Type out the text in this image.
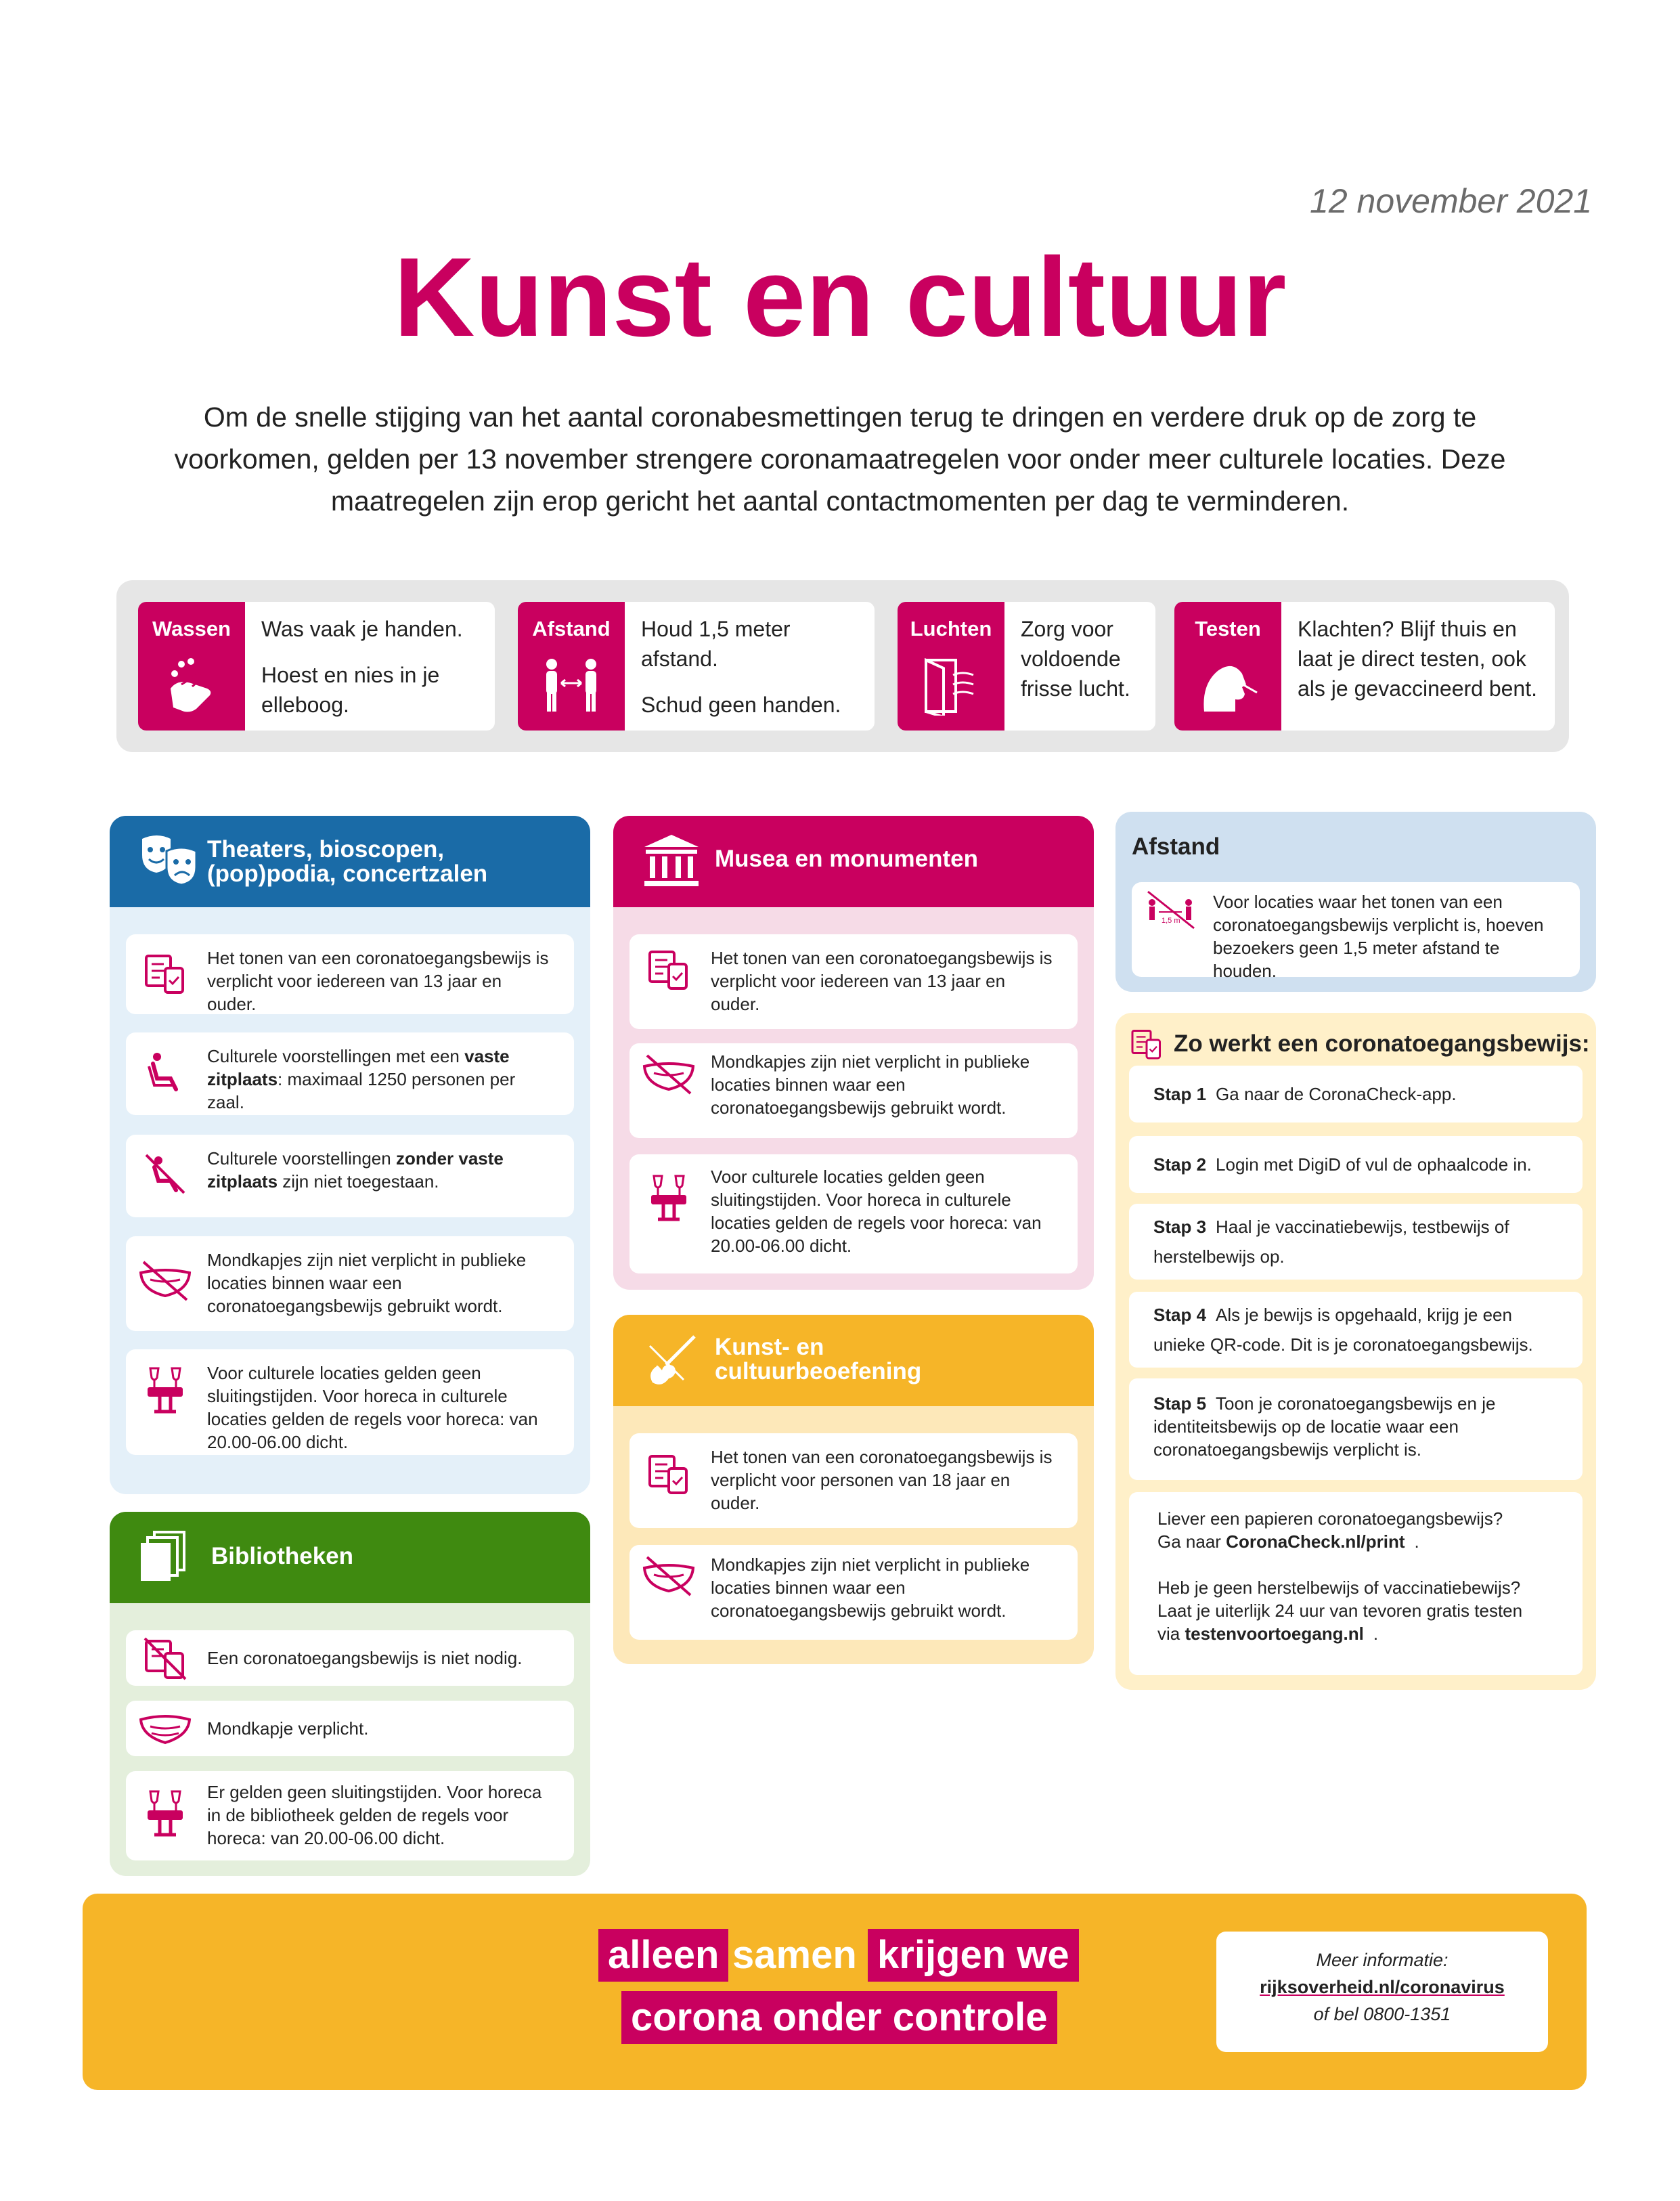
12 november 2021
Kunst en cultuur

Om de snelle stijging van het aantal coronabesmettingen terug te dringen en verdere druk op de zorg te voorkomen, gelden per 13 november strengere coronamaatregelen voor onder meer culturele locaties. Deze maatregelen zijn erop gericht het aantal contactmomenten per dag te verminderen.

Wassen	Was vaak je handen.
Hoest en nies in je elleboog.
Afstand	Houd 1,5 meter afstand.
Schud geen handen.
Luchten	Zorg voor voldoende frisse lucht.
Testen	Klachten? Blijf thuis en laat je direct testen, ook als je gevaccineerd bent.
Theaters, bioscopen, (pop)podia, concertzalen
Het tonen van een coronatoegangsbewijs is verplicht voor iedereen van 13 jaar en ouder.
Culturele voorstellingen met een vaste zitplaats: maximaal 1250 personen per zaal.
Culturele voorstellingen zonder vaste zitplaats zijn niet toegestaan.
Mondkapjes zijn niet verplicht in publieke locaties binnen waar een coronatoegangsbewijs gebruikt wordt.
Voor culturele locaties gelden geen sluitingstijden. Voor horeca in culturele locaties gelden de regels voor horeca: van 20.00-06.00 dicht.
Bibliotheken
Een coronatoegangsbewijs is niet nodig.
Mondkapje verplicht.
Er gelden geen sluitingstijden. Voor horeca in de bibliotheek gelden de regels voor horeca: van 20.00-06.00 dicht.
Musea en monumenten
Het tonen van een coronatoegangsbewijs is verplicht voor iedereen van 13 jaar en ouder.
Mondkapjes zijn niet verplicht in publieke locaties binnen waar een coronatoegangsbewijs gebruikt wordt.
Voor culturele locaties gelden geen sluitingstijden. Voor horeca in culturele locaties gelden de regels voor horeca: van 20.00-06.00 dicht.
Kunst- en cultuurbeoefening
Het tonen van een coronatoegangsbewijs is verplicht voor personen van 18 jaar en ouder.
Mondkapjes zijn niet verplicht in publieke locaties binnen waar een coronatoegangsbewijs gebruikt wordt.
Afstand
1,5 m
Voor locaties waar het tonen van een coronatoegangsbewijs verplicht is, hoeven bezoekers geen 1,5 meter afstand te houden.
Zo werkt een coronatoegangsbewijs:
Stap 1 Ga naar de CoronaCheck-app.
Stap 2 Login met DigiD of vul de ophaalcode in.
Stap 3 Haal je vaccinatiebewijs, testbewijs of herstelbewijs op.
Stap 4 Als je bewijs is opgehaald, krijg je een unieke QR-code. Dit is je coronatoegangsbewijs.
Stap 5 Toon je coronatoegangsbewijs en je identiteitsbewijs op de locatie waar een coronatoegangsbewijs verplicht is.
Liever een papieren coronatoegangsbewijs?
Ga naar CoronaCheck.nl/print .
Heb je geen herstelbewijs of vaccinatiebewijs?
Laat je uiterlijk 24 uur van tevoren gratis testen
via testenvoortoegang.nl .
alleen samen krijgen we
corona onder controle
Meer informatie:
rijksoverheid.nl/coronavirus
of bel 0800-1351
